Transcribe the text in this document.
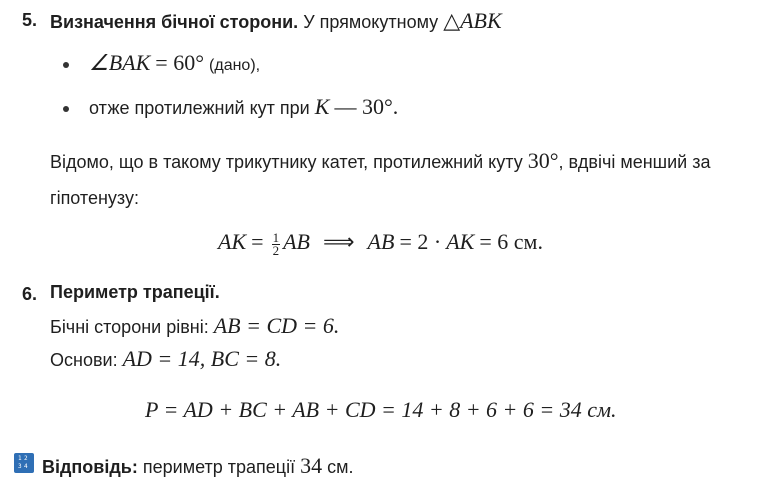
5. Визначення бічної сторони. У прямокутному △ABK
∠BAK = 60° (дано),
отже протилежний кут при K — 30°.
Відомо, що в такому трикутнику катет, протилежний куту 30°, вдвічі менший за
гіпотенузу:
AK = $\frac{1}{2}$ AB ⟹ AB = 2 · AK = 6 см.
6. Периметр трапеції.
Бічні сторони рівні: AB = CD = 6.
Основи: AD = 14, BC = 8.
P = AD + BC + AB + CD = 14 + 8 + 6 + 6 = 34 см.
1 2
3 4 Відповідь: периметр трапеції 34 см.
